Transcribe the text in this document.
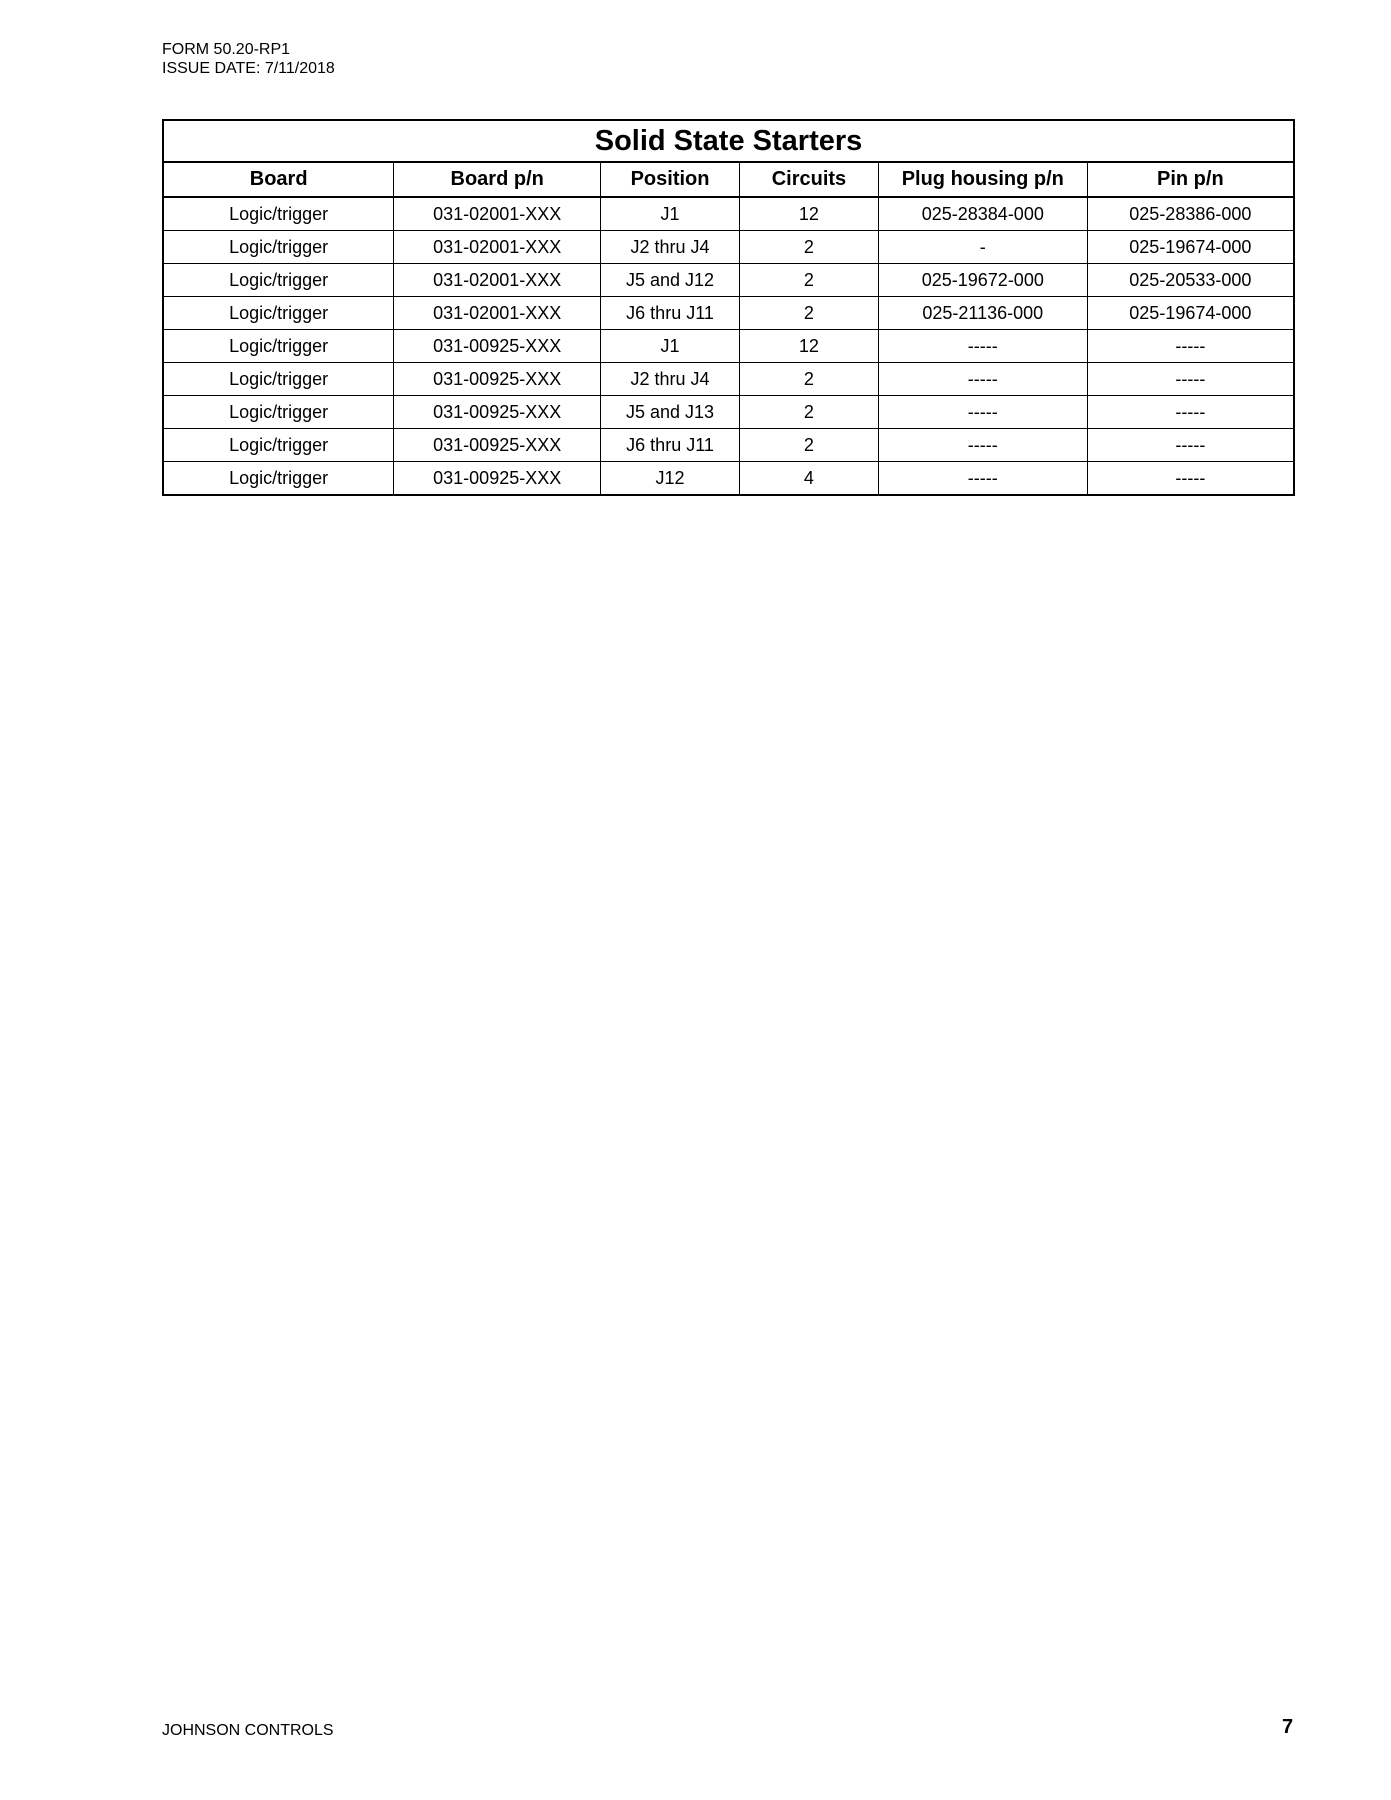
FORM 50.20-RP1
ISSUE DATE: 7/11/2018
Solid State Starters					
Board	Board p/n	Position	Circuits	Plug housing p/n	Pin p/n
Logic/trigger	031-02001-XXX	J1	12	025-28384-000	025-28386-000
Logic/trigger	031-02001-XXX	J2 thru J4	2	-	025-19674-000
Logic/trigger	031-02001-XXX	J5 and J12	2	025-19672-000	025-20533-000
Logic/trigger	031-02001-XXX	J6 thru J11	2	025-21136-000	025-19674-000
Logic/trigger	031-00925-XXX	J1	12	-----	-----
Logic/trigger	031-00925-XXX	J2 thru J4	2	-----	-----
Logic/trigger	031-00925-XXX	J5 and J13	2	-----	-----
Logic/trigger	031-00925-XXX	J6 thru J11	2	-----	-----
Logic/trigger	031-00925-XXX	J12	4	-----	-----
JOHNSON CONTROLS	7
